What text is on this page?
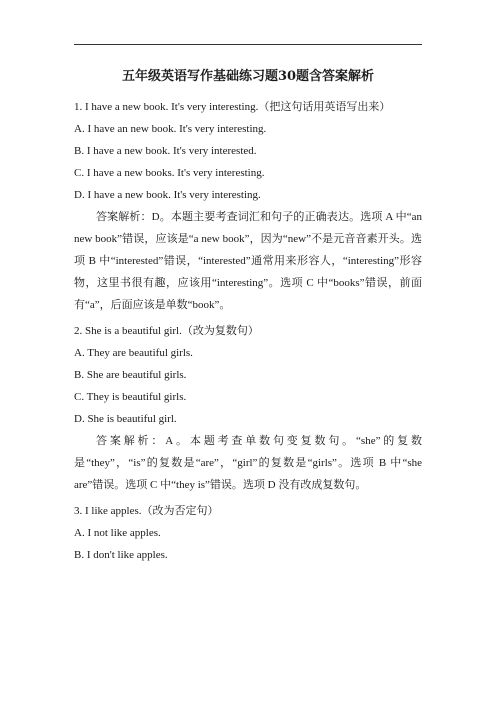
五年级英语写作基础练习题30题含答案解析

1. I have a new book. It's very interesting.（把这句话用英语写出来）

A. I have an new book. It's very interesting.

B. I have a new book. It's very interested.

C. I have a new books. It's very interesting.

D. I have a new book. It's very interesting.

答案解析：D。本题主要考查词汇和句子的正确表达。选项 A 中“an new book”错误，应该是“a new book”，因为“new”不是元音音素开头。选项 B 中“interested”错误，“interested”通常用来形容人，“interesting”形容物，这里书很有趣，应该用“interesting”。选项 C 中“books”错误，前面有“a”，后面应该是单数“book”。

2. She is a beautiful girl.（改为复数句）

A. They are beautiful girls.

B. She are beautiful girls.

C. They is beautiful girls.

D. She is beautiful girl.

答案解析：A。本题考查单数句变复数句。“she”的复数是“they”，“is”的复数是“are”，“girl”的复数是“girls”。选项 B 中“she are”错误。选项 C 中“they is”错误。选项 D 没有改成复数句。

3. I like apples.（改为否定句）

A. I not like apples.

B. I don't like apples.
